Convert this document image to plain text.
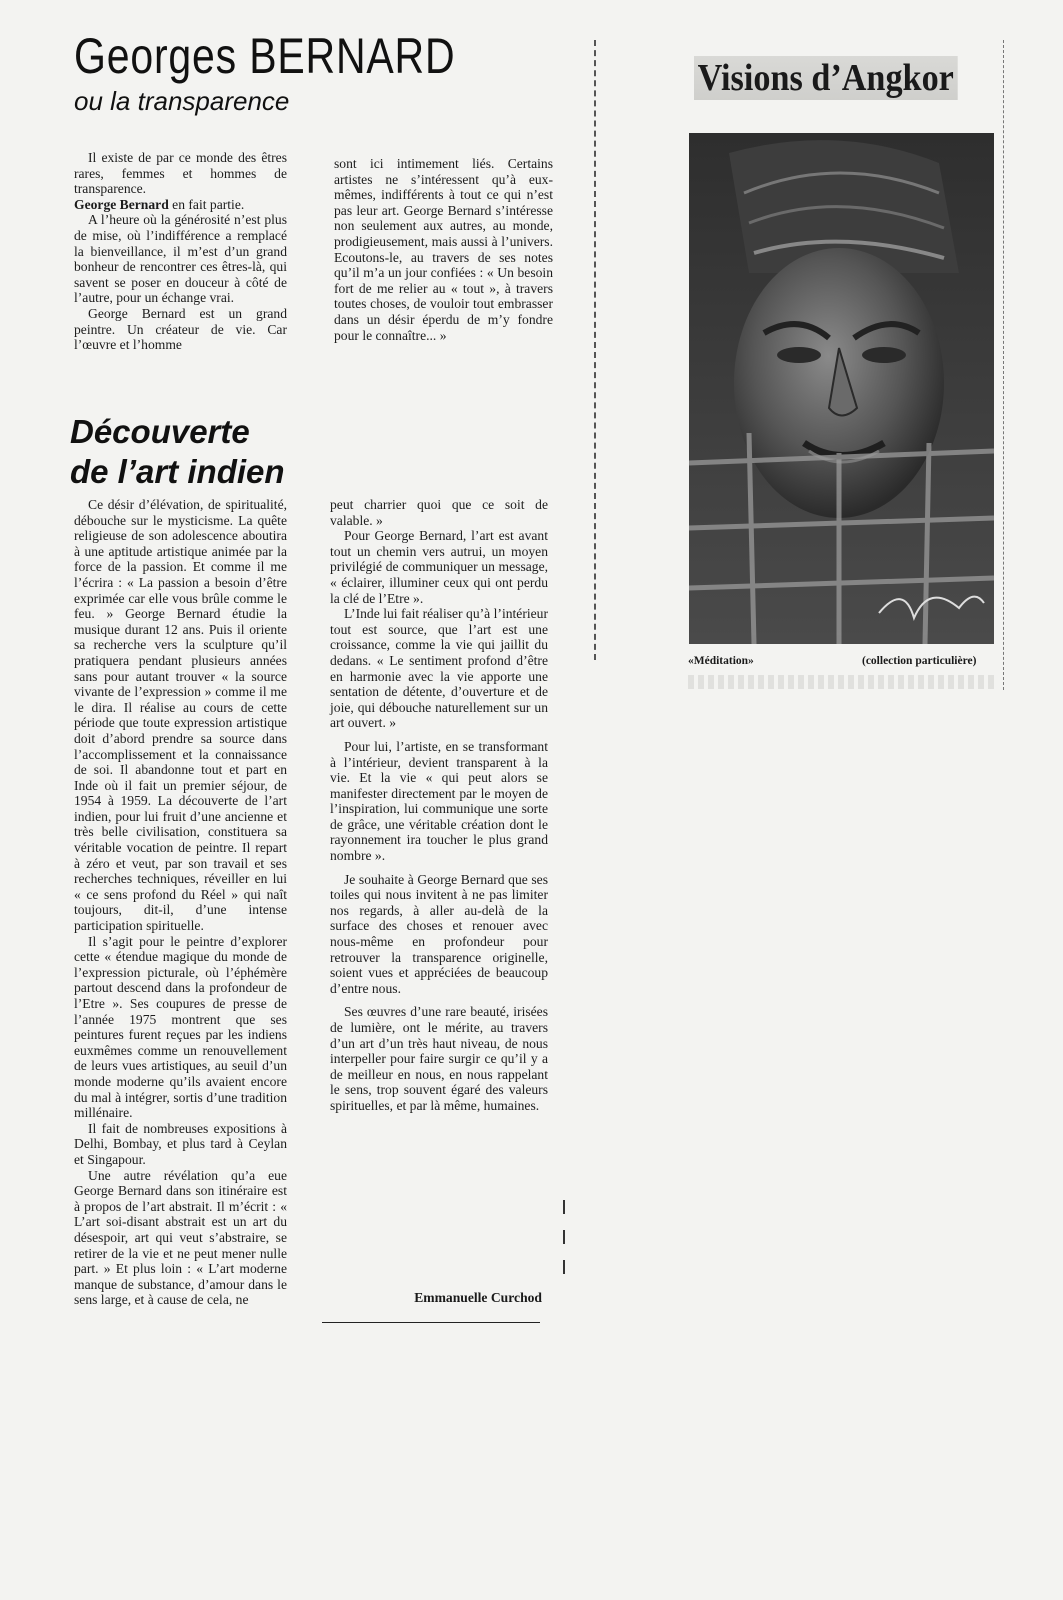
Georges BERNARD
ou la transparence

Il existe de par ce monde des êtres rares, femmes et hommes de transparence.

George Bernard en fait partie.

A l’heure où la générosité n’est plus de mise, où l’indifférence a remplacé la bienveillance, il m’est d’un grand bonheur de rencontrer ces êtres-là, qui savent se poser en douceur à côté de l’autre, pour un échange vrai.

George Bernard est un grand peintre. Un créateur de vie. Car l’œuvre et l’homme

sont ici intimement liés. Certains artistes ne s’intéressent qu’à eux-mêmes, indifférents à tout ce qui n’est pas leur art. George Bernard s’intéresse non seulement aux autres, au monde, prodigieusement, mais aussi à l’univers. Ecoutons-le, au travers de ses notes qu’il m’a un jour confiées : « Un besoin fort de me relier au « tout », à travers toutes choses, de vouloir tout embrasser dans un désir éperdu de m’y fondre pour le connaître... »

Découverte
de l’art indien

Ce désir d’élévation, de spiritualité, débouche sur le mysticisme. La quête religieuse de son adolescence aboutira à une aptitude artistique animée par la force de la passion. Et comme il me l’écrira : « La passion a besoin d’être exprimée car elle vous brûle comme le feu. » George Bernard étudie la musique durant 12 ans. Puis il oriente sa recherche vers la sculpture qu’il pratiquera pendant plusieurs années sans pour autant trouver « la source vivante de l’expression » comme il me le dira. Il réalise au cours de cette période que toute expression artistique doit d’abord prendre sa source dans l’accomplissement et la connaissance de soi. Il abandonne tout et part en Inde où il fait un premier séjour, de 1954 à 1959. La découverte de l’art indien, pour lui fruit d’une ancienne et très belle civilisation, constituera sa véritable vocation de peintre. Il repart à zéro et veut, par son travail et ses recherches techniques, réveiller en lui « ce sens profond du Réel » qui naît toujours, dit-il, d’une intense participation spirituelle.

Il s’agit pour le peintre d’explorer cette « étendue magique du monde de l’expression picturale, où l’éphémère partout descend dans la profondeur de l’Etre ». Ses coupures de presse de l’année 1975 montrent que ses peintures furent reçues par les indiens euxmêmes comme un renouvellement de leurs vues artistiques, au seuil d’un monde moderne qu’ils avaient encore du mal à intégrer, sortis d’une tradition millénaire.

Il fait de nombreuses expositions à Delhi, Bombay, et plus tard à Ceylan et Singapour.

Une autre révélation qu’a eue George Bernard dans son itinéraire est à propos de l’art abstrait. Il m’écrit : « L’art soi-disant abstrait est un art du désespoir, art qui veut s’abstraire, se retirer de la vie et ne peut mener nulle part. » Et plus loin : « L’art moderne manque de substance, d’amour dans le sens large, et à cause de cela, ne

peut charrier quoi que ce soit de valable. »

Pour George Bernard, l’art est avant tout un chemin vers autrui, un moyen privilégié de communiquer un message, « éclairer, illuminer ceux qui ont perdu la clé de l’Etre ».

L’Inde lui fait réaliser qu’à l’intérieur tout est source, que l’art est une croissance, comme la vie qui jaillit du dedans. « Le sentiment profond d’être en harmonie avec la vie apporte une sentation de détente, d’ouverture et de joie, qui débouche naturellement sur un art ouvert. »

Pour lui, l’artiste, en se transformant à l’intérieur, devient transparent à la vie. Et la vie « qui peut alors se manifester directement par le moyen de l’inspiration, lui communique une sorte de grâce, une véritable création dont le rayonnement ira toucher le plus grand nombre ».

Je souhaite à George Bernard que ses toiles qui nous invitent à ne pas limiter nos regards, à aller au-delà de la surface des choses et renouer avec nous-même en profondeur pour retrouver la transparence originelle, soient vues et appréciées de beaucoup d’entre nous.

Ses œuvres d’une rare beauté, irisées de lumière, ont le mérite, au travers d’un art d’un très haut niveau, de nous interpeller pour faire surgir ce qu’il y a de meilleur en nous, en nous rappelant le sens, trop souvent égaré des valeurs spirituelles, et par là même, humaines.

Emmanuelle Curchod
Visions d’Angkor
«Méditation»	(collection particulière)
